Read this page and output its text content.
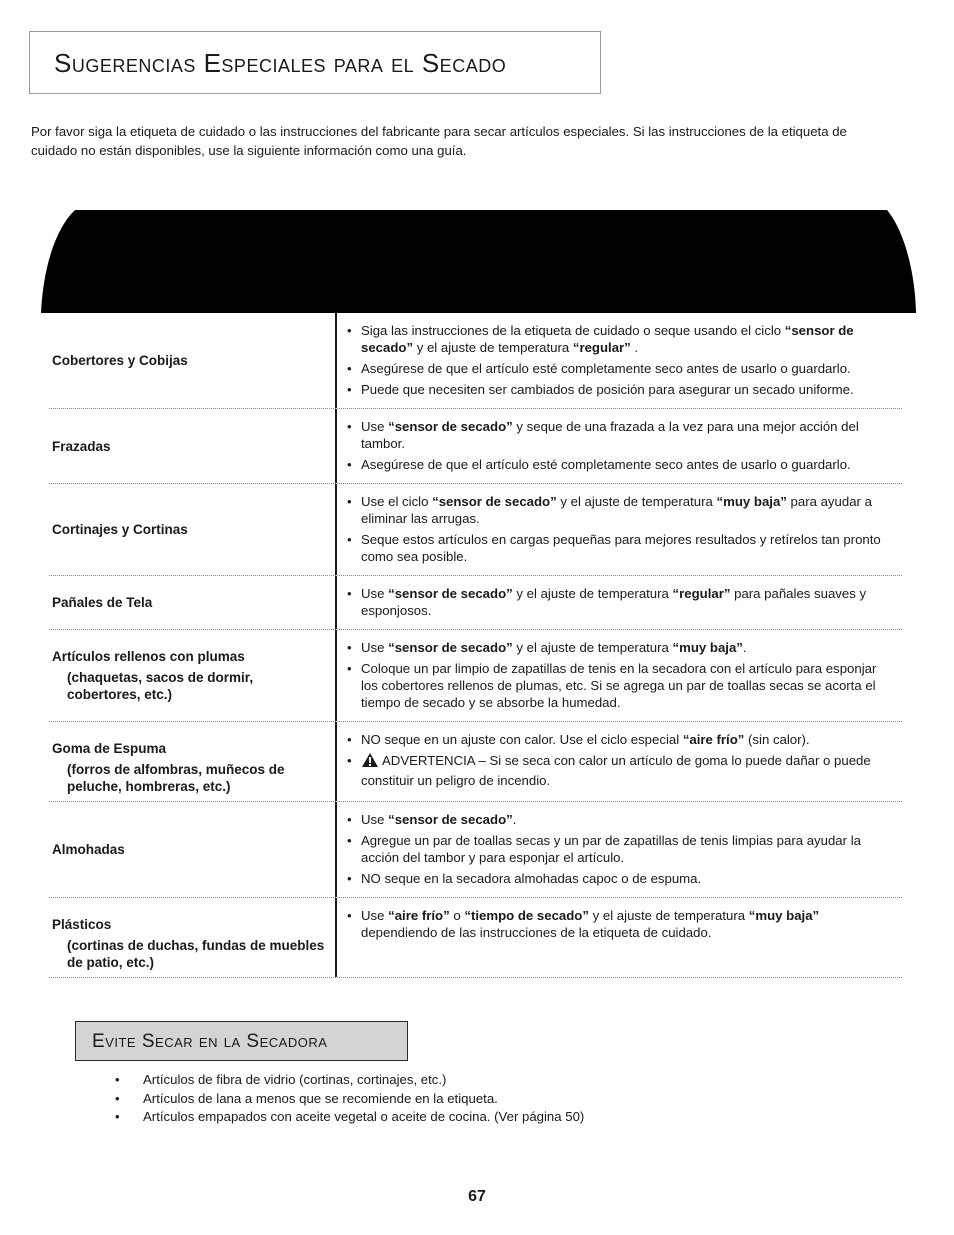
Sugerencias Especiales para el Secado

Por favor siga la etiqueta de cuidado o las instrucciones del fabricante para secar artículos especiales. Si las instrucciones de la etiqueta de cuidado no están disponibles, use la siguiente información como una guía.

Cobertores y Cobijas
• Siga las instrucciones de la etiqueta de cuidado o seque usando el ciclo “sensor de secado” y el ajuste de temperatura “regular” .
• Asegúrese de que el artículo esté completamente seco antes de usarlo o guardarlo.
• Puede que necesiten ser cambiados de posición para asegurar un secado uniforme.
Frazadas
• Use “sensor de secado” y seque de una frazada a la vez para una mejor acción del tambor.
• Asegúrese de que el artículo esté completamente seco antes de usarlo o guardarlo.
Cortinajes y Cortinas
• Use el ciclo “sensor de secado” y el ajuste de temperatura “muy baja” para ayudar a eliminar las arrugas.
• Seque estos artículos en cargas pequeñas para mejores resultados y retírelos tan pronto como sea posible.
Pañales de Tela
• Use “sensor de secado” y el ajuste de temperatura “regular” para pañales suaves y esponjosos.
Artículos rellenos con plumas
(chaquetas, sacos de dormir, cobertores, etc.)
• Use “sensor de secado” y el ajuste de temperatura “muy baja”.
• Coloque un par limpio de zapatillas de tenis en la secadora con el artículo para esponjar los cobertores rellenos de plumas, etc. Si se agrega un par de toallas secas se acorta el tiempo de secado y se absorbe la humedad.
Goma de Espuma
(forros de alfombras, muñecos de peluche, hombreras, etc.)
• NO seque en un ajuste con calor. Use el ciclo especial “aire frío” (sin calor).
• ADVERTENCIA – Si se seca con calor un artículo de goma lo puede dañar o puede constituir un peligro de incendio.
Almohadas
• Use “sensor de secado”.
• Agregue un par de toallas secas y un par de zapatillas de tenis limpias para ayudar la acción del tambor y para esponjar el artículo.
• NO seque en la secadora almohadas capoc o de espuma.
Plásticos
(cortinas de duchas, fundas de muebles de patio, etc.)
• Use “aire frío” o “tiempo de secado” y el ajuste de temperatura “muy baja” dependiendo de las instrucciones de la etiqueta de cuidado.
Evite Secar en la Secadora
• Artículos de fibra de vidrio (cortinas, cortinajes, etc.)
• Artículos de lana a menos que se recomiende en la etiqueta.
• Artículos empapados con aceite vegetal o aceite de cocina. (Ver página 50)
67
